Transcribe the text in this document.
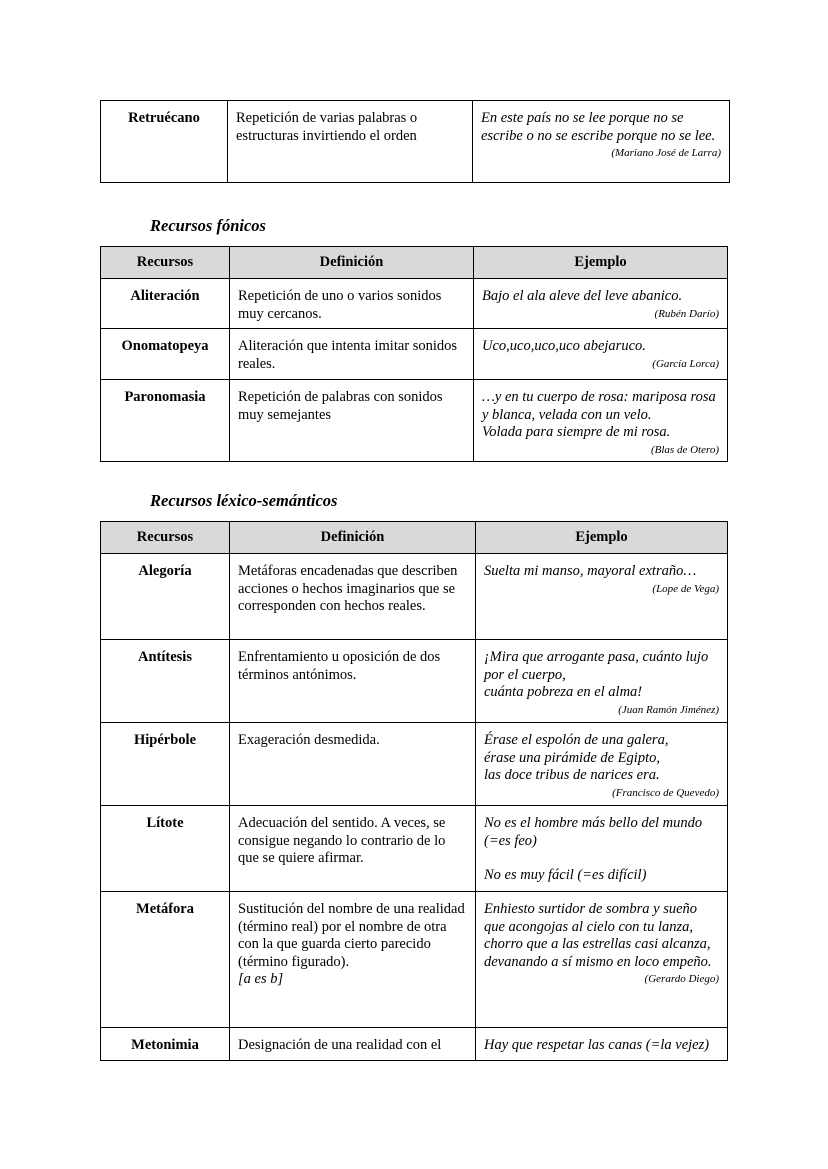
Retruécano	Repetición de varias palabras o estructuras invirtiendo el orden	
En este país no se lee porque no se escribe o no se escribe porque no se lee.
(Mariano José de Larra)
Recursos fónicos
Recursos	Definición	Ejemplo
Aliteración	Repetición de uno o varios sonidos muy cercanos.	Bajo el ala aleve del leve abanico.
(Rubén Darío)

Onomatopeya	Aliteración que intenta imitar sonidos reales.	Uco,uco,uco,uco abejaruco.
(García Lorca)

Paronomasia	Repetición de palabras con sonidos muy semejantes	…y en tu cuerpo de rosa: mariposa rosa y blanca, velada con un velo.
Volada para siempre de mi rosa.
(Blas de Otero)
Recursos léxico-semánticos
Recursos	Definición	Ejemplo
Alegoría	Metáforas encadenadas que describen acciones o hechos imaginarios que se corresponden con hechos reales.	Suelta mi manso, mayoral extraño…
(Lope de Vega)

Antítesis	Enfrentamiento u oposición de dos términos antónimos.	¡Mira que arrogante pasa, cuánto lujo por el cuerpo,
cuánta pobreza en el alma!
(Juan Ramón Jiménez)

Hipérbole	Exageración desmedida.	Érase el espolón de una galera,
érase una pirámide de Egipto,
las doce tribus de narices era.
(Francisco de Quevedo)

Lítote	Adecuación del sentido. A veces, se consigue negando lo contrario de lo que se quiere afirmar.	No es el hombre más bello del mundo (=es feo)
No es muy fácil (=es difícil)

Metáfora	Sustitución del nombre de una realidad (término real) por el nombre de otra con la que guarda cierto parecido (término figurado).
[a es b]	Enhiesto surtidor de sombra y sueño que acongojas al cielo con tu lanza, chorro que a las estrellas casi alcanza,
devanando a sí mismo en loco empeño.
(Gerardo Diego)

Metonimia	Designación de una realidad con el	Hay que respetar las canas (=la vejez)
